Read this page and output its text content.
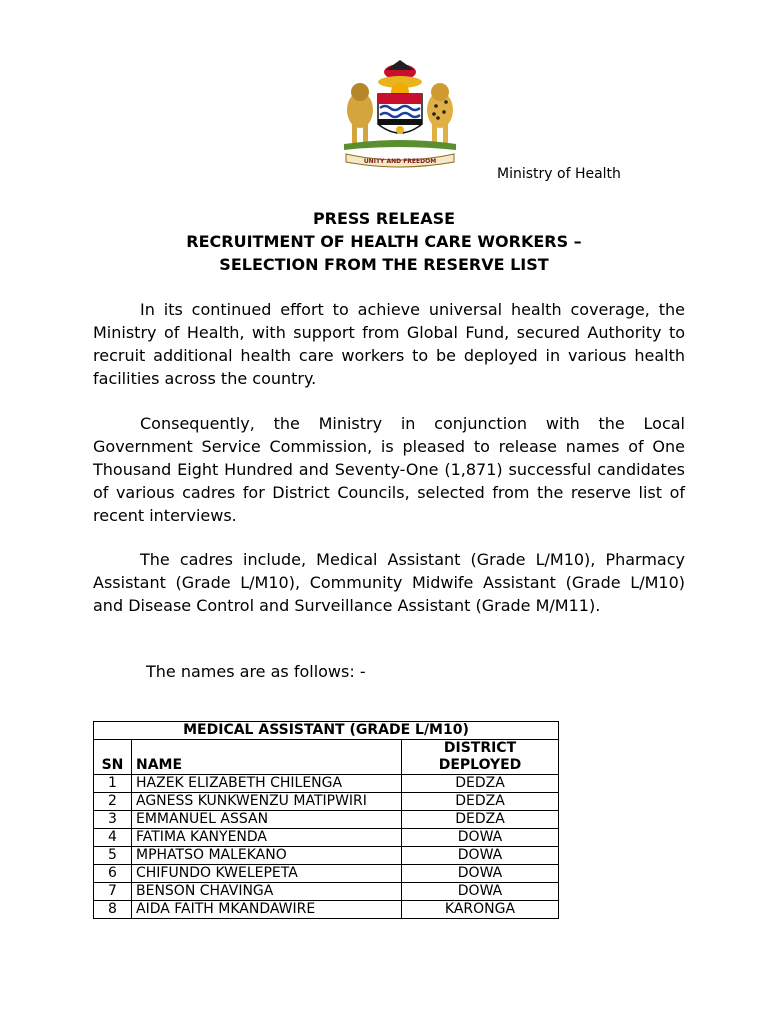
UNITY AND FREEDOM
Ministry of Health
PRESS RELEASE
RECRUITMENT OF HEALTH CARE WORKERS –
SELECTION FROM THE RESERVE LIST

In its continued effort to achieve universal health coverage, the Ministry of Health, with support from Global Fund, secured Authority to recruit additional health care workers to be deployed in various health facilities across the country.

Consequently, the Ministry in conjunction with the Local Government Service Commission, is pleased to release names of One Thousand Eight Hundred and Seventy-One (1,871) successful candidates of various cadres for District Councils, selected from the reserve list of recent interviews.

The cadres include, Medical Assistant (Grade L/M10), Pharmacy Assistant (Grade L/M10), Community Midwife Assistant (Grade L/M10) and Disease Control and Surveillance Assistant (Grade M/M11).

The names are as follows: -
MEDICAL ASSISTANT (GRADE L/M10)		
SN	NAME	DISTRICT DEPLOYED
1	HAZEK ELIZABETH CHILENGA	DEDZA
2	AGNESS KUNKWENZU MATIPWIRI	DEDZA
3	EMMANUEL ASSAN	DEDZA
4	FATIMA KANYENDA	DOWA
5	MPHATSO MALEKANO	DOWA
6	CHIFUNDO KWELEPETA	DOWA
7	BENSON CHAVINGA	DOWA
8	AIDA FAITH MKANDAWIRE	KARONGA
